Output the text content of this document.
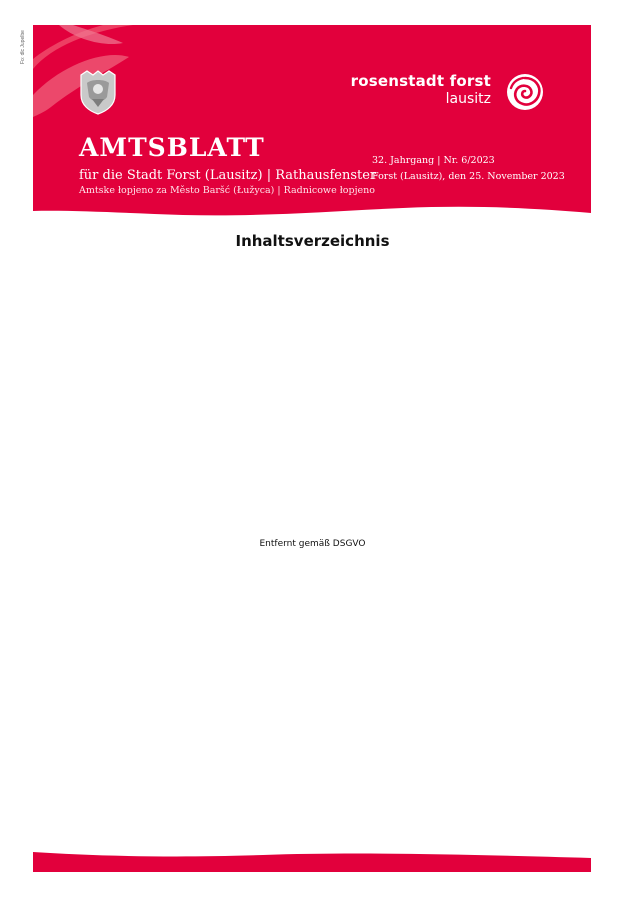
Fo: dlc Jupelbe
rosenstadt forst
lausitz
AMTSBLATT
für die Stadt Forst (Lausitz) | Rathausfenster
Amtske łopjeno za Město Baršć (Łužyca) | Radnicowe łopjeno
32. Jahrgang | Nr. 6/2023
Forst (Lausitz), den 25. November 2023
Inhaltsverzeichnis
Entfernt gemäß DSGVO
